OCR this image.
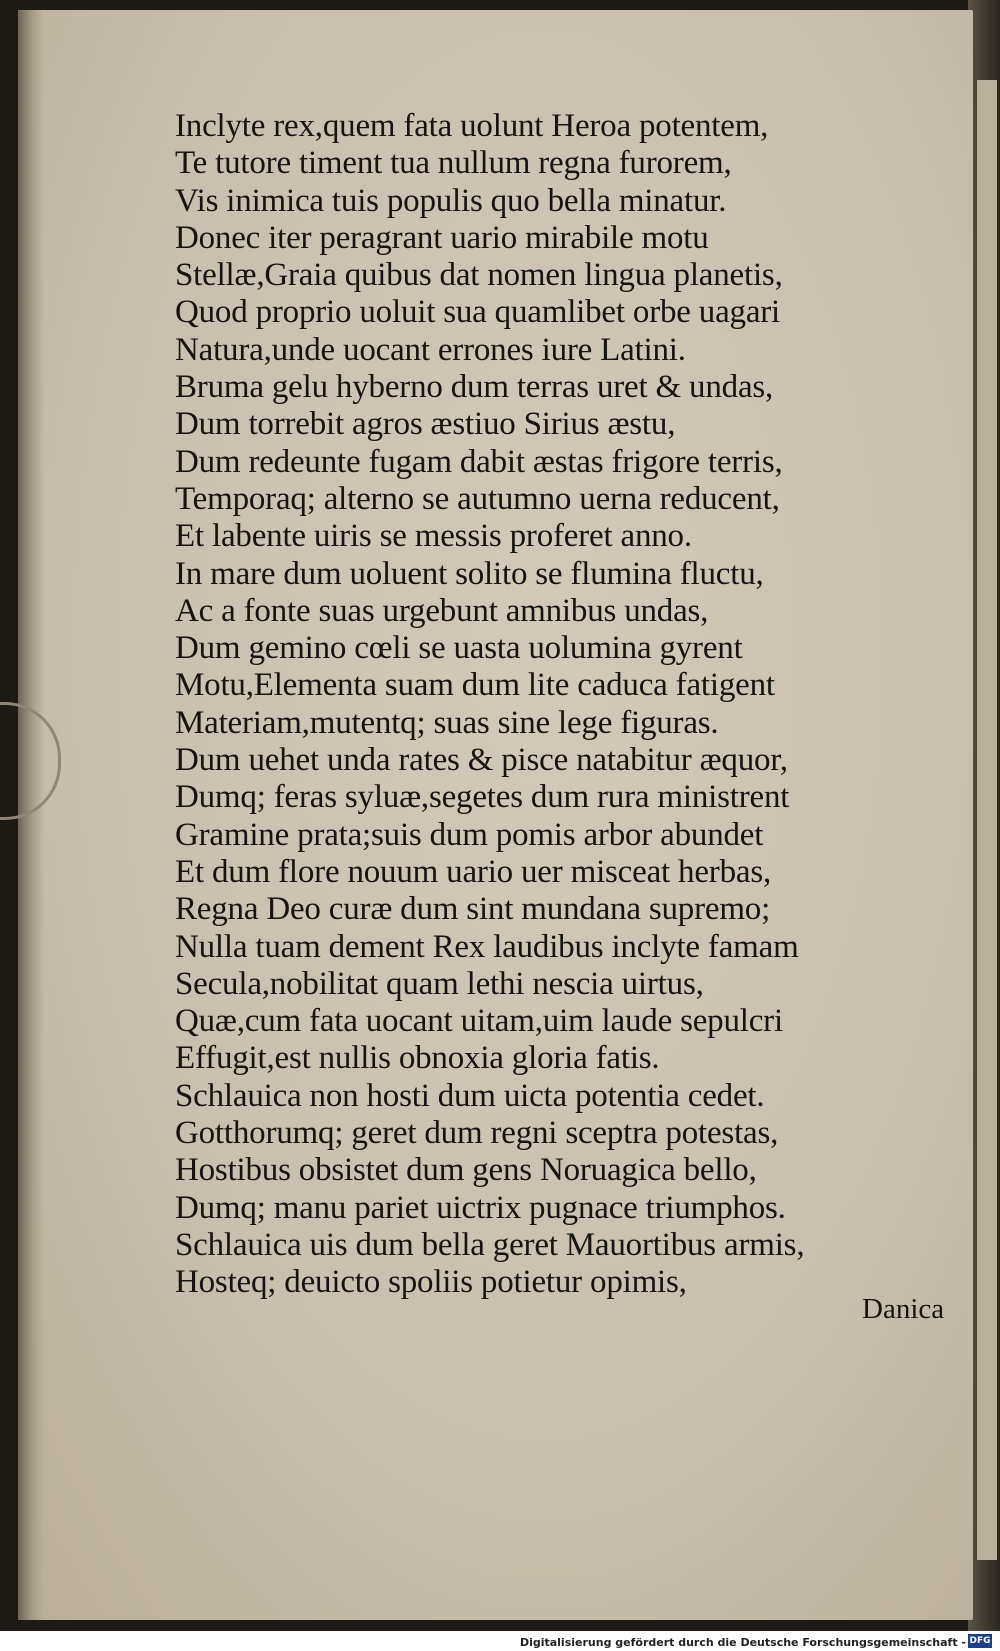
Inclyte rex,quem fata uolunt Heroa potentem,
Te tutore timent tua nullum regna furorem,
Vis inimica tuis populis quo bella minatur.
Donec iter peragrant uario mirabile motu
Stellæ,Graia quibus dat nomen lingua planetis,
Quod proprio uoluit sua quamlibet orbe uagari
Natura,unde uocant errones iure Latini.
Bruma gelu hyberno dum terras uret & undas,
Dum torrebit agros æstiuo Sirius æstu,
Dum redeunte fugam dabit æstas frigore terris,
Temporaq; alterno se autumno uerna reducent,
Et labente uiris se messis proferet anno.
In mare dum uoluent solito se flumina fluctu,
Ac a fonte suas urgebunt amnibus undas,
Dum gemino cœli se uasta uolumina gyrent
Motu,Elementa suam dum lite caduca fatigent
Materiam,mutentq; suas sine lege figuras.
Dum uehet unda rates & pisce natabitur æquor,
Dumq; feras syluæ,segetes dum rura ministrent
Gramine prata;suis dum pomis arbor abundet
Et dum flore nouum uario uer misceat herbas,
Regna Deo curæ dum sint mundana supremo;
Nulla tuam dement Rex laudibus inclyte famam
Secula,nobilitat quam lethi nescia uirtus,
Quæ,cum fata uocant uitam,uim laude sepulcri
Effugit,est nullis obnoxia gloria fatis.
Schlauica non hosti dum uicta potentia cedet.
Gotthorumq; geret dum regni sceptra potestas,
Hostibus obsistet dum gens Noruagica bello,
Dumq; manu pariet uictrix pugnace triumphos.
Schlauica uis dum bella geret Mauortibus armis,
Hosteq; deuicto spoliis potietur opimis,
Danica
Digitalisierung gefördert durch die Deutsche Forschungsgemeinschaft - DFG
